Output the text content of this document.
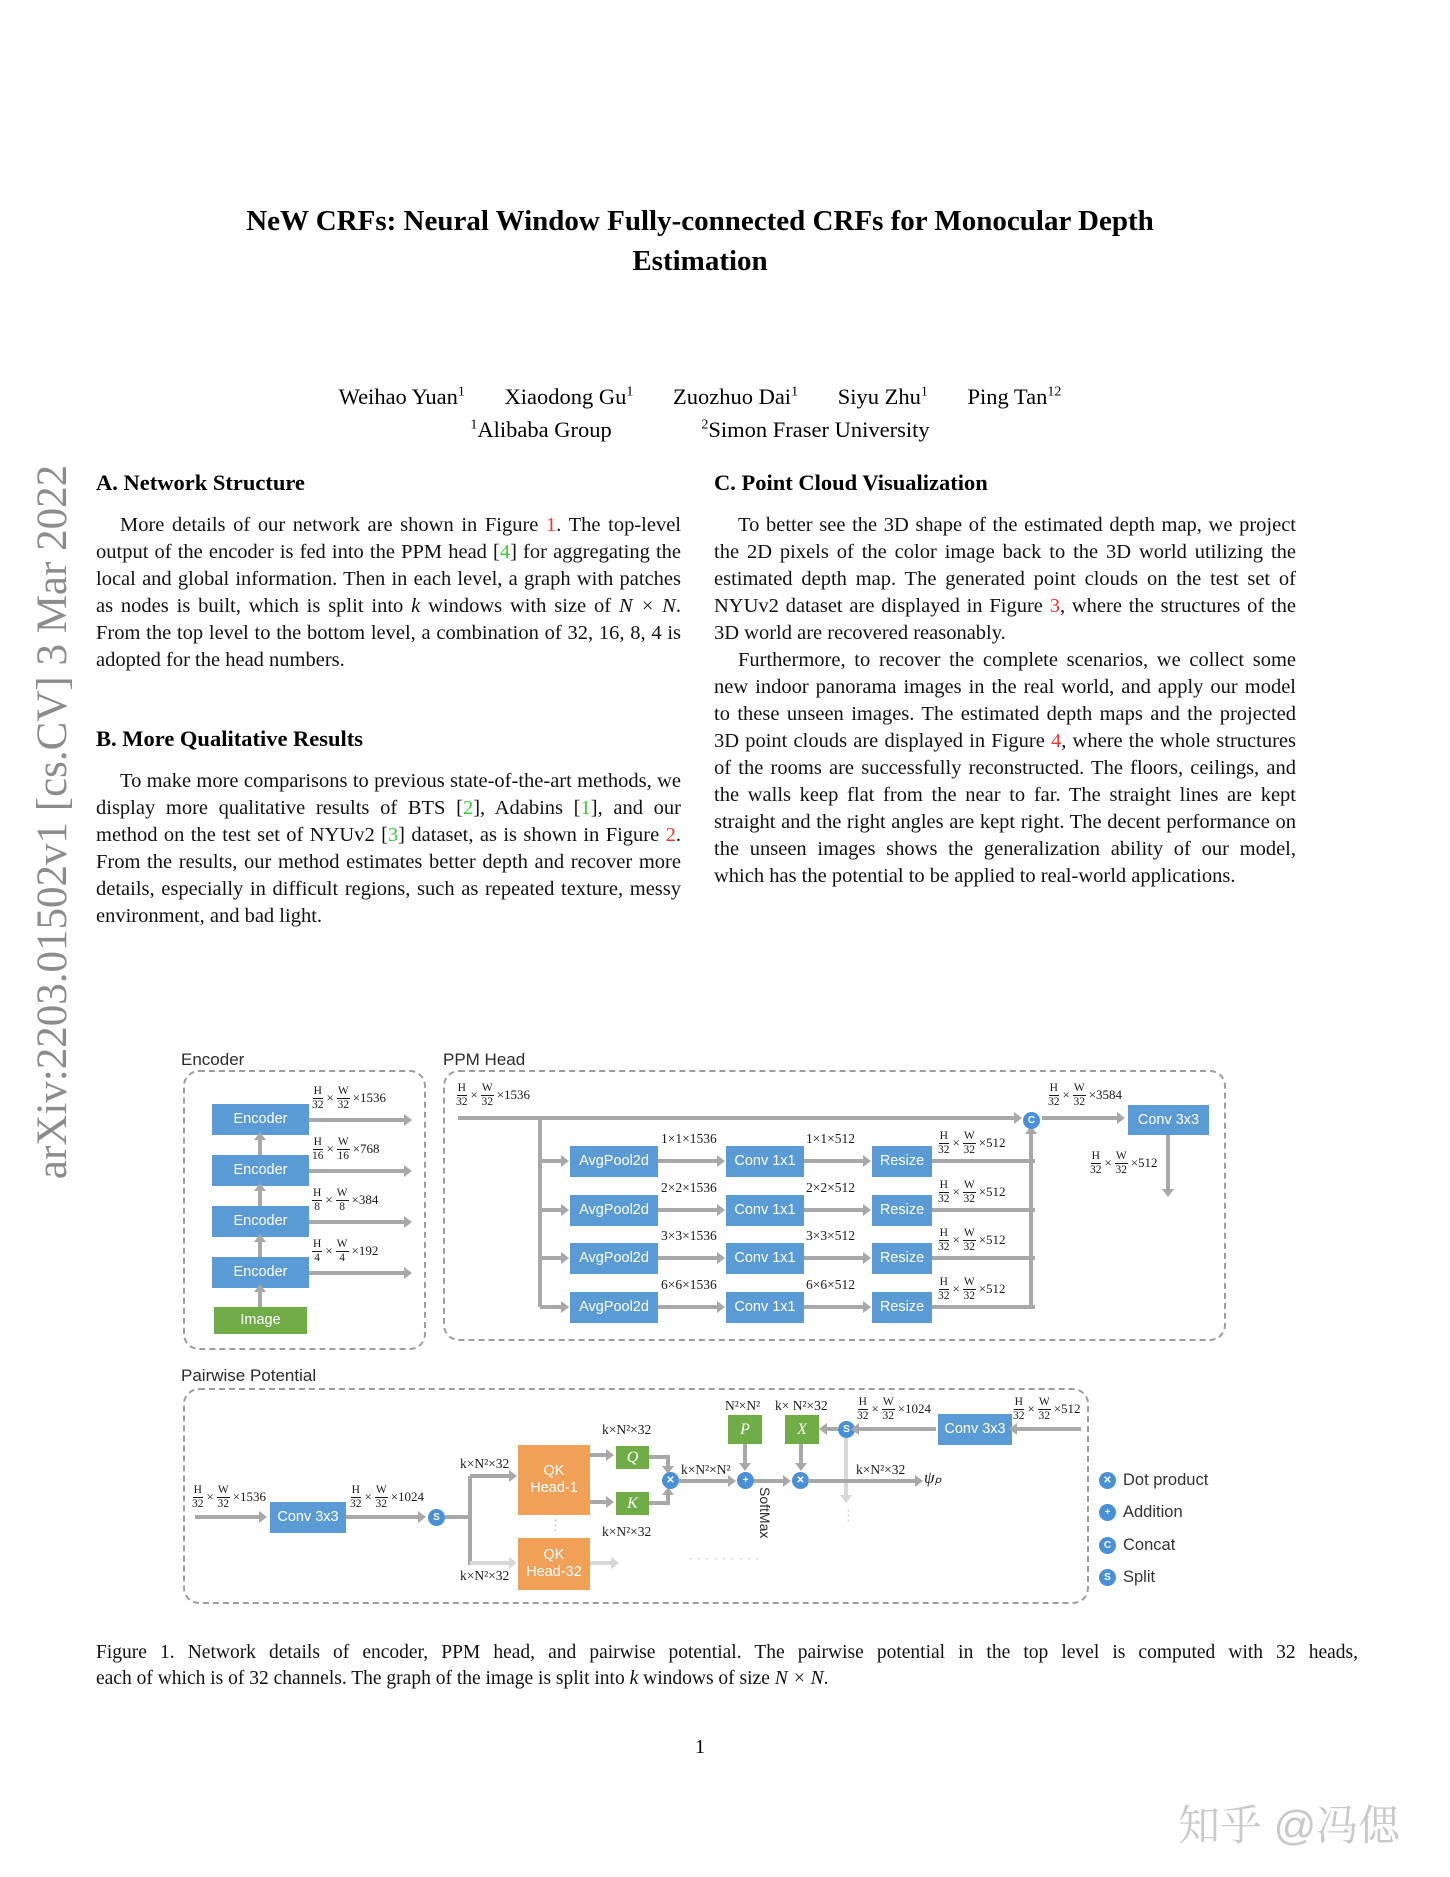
arXiv:2203.01502v1 [cs.CV] 3 Mar 2022
知乎 @冯偲
NeW CRFs: Neural Window Fully-connected CRFs for Monocular Depth
Estimation
Weihao Yuan$^1$ Xiaodong Gu$^1$ Zuozhuo Dai$^1$ Siyu Zhu$^1$ Ping Tan$^{12}$
$^1$Alibaba Group	$^2$Simon Fraser University
A. Network Structure

More details of our network are shown in Figure 1. The top-level output of the encoder is fed into the PPM head [4] for aggregating the local and global information. Then in each level, a graph with patches as nodes is built, which is split into k windows with size of N × N. From the top level to the bottom level, a combination of 32, 16, 8, 4 is adopted for the head numbers.

B. More Qualitative Results

To make more comparisons to previous state-of-the-art methods, we display more qualitative results of BTS [2], Adabins [1], and our method on the test set of NYUv2 [3] dataset, as is shown in Figure 2. From the results, our method estimates better depth and recover more details, especially in difficult regions, such as repeated texture, messy environment, and bad light.

C. Point Cloud Visualization

To better see the 3D shape of the estimated depth map, we project the 2D pixels of the color image back to the 3D world utilizing the estimated depth map. The generated point clouds on the test set of NYUv2 dataset are displayed in Figure 3, where the structures of the 3D world are recovered reasonably.

Furthermore, to recover the complete scenarios, we collect some new indoor panorama images in the real world, and apply our model to these unseen images. The estimated depth maps and the projected 3D point clouds are displayed in Figure 4, where the whole structures of the rooms are successfully reconstructed. The floors, ceilings, and the walls keep flat from the near to far. The straight lines are kept straight and the right angles are kept right. The decent performance on the unseen images shows the generalization ability of our model, which has the potential to be applied to real-world applications.

Encoder
Encoder
Encoder
Encoder
Encoder
Image
$\frac{H}{32} \times \frac{W}{32} \times 1536$
$\frac{H}{16} \times \frac{W}{16} \times 768$
$\frac{H}{8} \times \frac{W}{8} \times 384$
$\frac{H}{4} \times \frac{W}{4} \times 192$
PPM Head
$\frac{H}{32} \times \frac{W}{32} \times 1536$
AvgPool2d
1×1×1536
Conv 1x1
1×1×512
Resize
$\frac{H}{32} \times \frac{W}{32} \times 512$
AvgPool2d
2×2×1536
Conv 1x1
2×2×512
Resize
$\frac{H}{32} \times \frac{W}{32} \times 512$
AvgPool2d
3×3×1536
Conv 1x1
3×3×512
Resize
$\frac{H}{32} \times \frac{W}{32} \times 512$
AvgPool2d
6×6×1536
Conv 1x1
6×6×512
Resize
$\frac{H}{32} \times \frac{W}{32} \times 512$
C
$\frac{H}{32} \times \frac{W}{32} \times 3584$
Conv 3x3
$\frac{H}{32} \times \frac{W}{32} \times 512$
Pairwise Potential
$\frac{H}{32} \times \frac{W}{32} \times 1536$
Conv 3x3
$\frac{H}{32} \times \frac{W}{32} \times 1024$
S
k×N²×32
k×N²×32
QK
Head-1
⋮
QK
Head-32
Q
K
k×N²×32
k×N²×32
✕
k×N²×N²
N²×N²
P
+
SoftMax
k× N²×32
X
✕
S
⋮
$\frac{H}{32} \times \frac{W}{32} \times 1024$
Conv 3x3
$\frac{H}{32} \times \frac{W}{32} \times 512$
k×N²×32 ψₚ
·········
✕ Dot product
+ Addition
C Concat
S Split
Figure 1. Network details of encoder, PPM head, and pairwise potential. The pairwise potential in the top level is computed with 32 heads,
each of which is of 32 channels. The graph of the image is split into k windows of size N × N.
1
